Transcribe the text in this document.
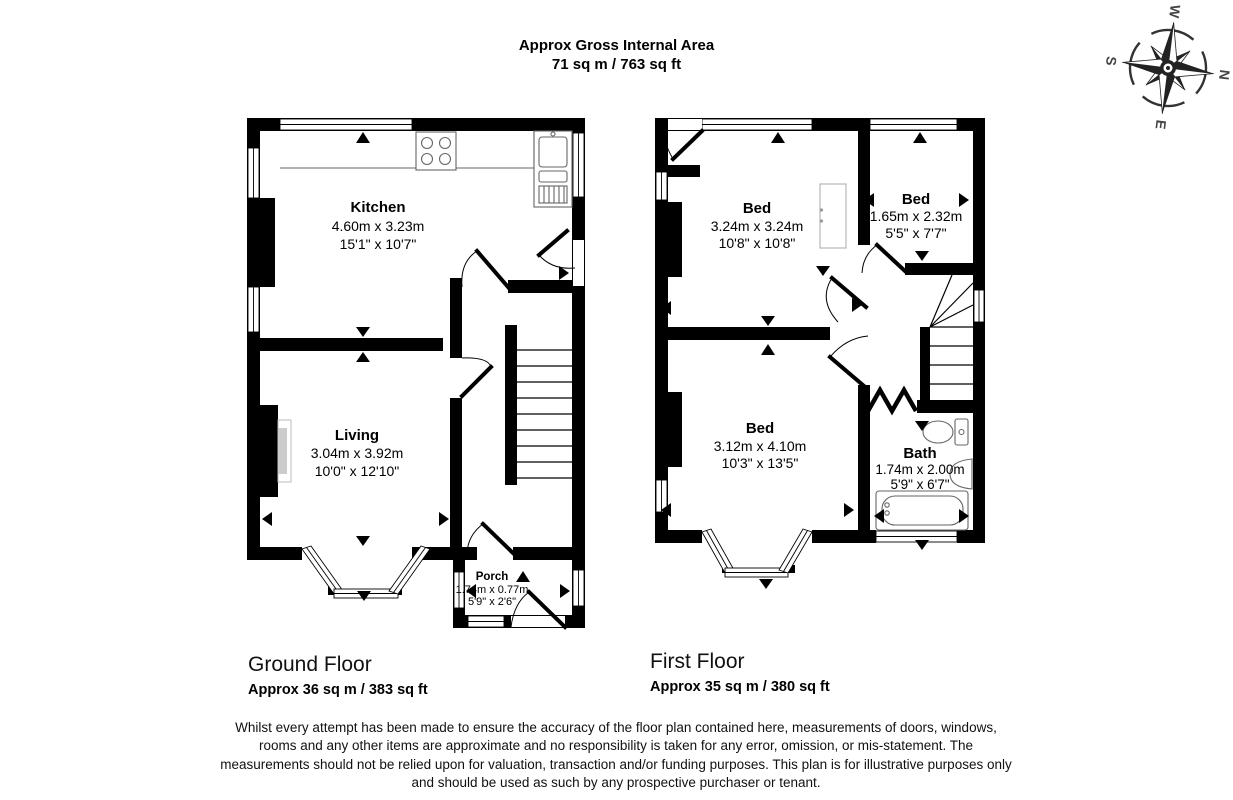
Approx Gross Internal Area
71 sq m / 763 sq ft
N
E
S
W
Kitchen
4.60m x 3.23m
15'1" x 10'7"
Living
3.04m x 3.92m
10'0" x 12'10"
Porch
1.74m x 0.77m
5'9" x 2'6"
Bed
3.24m x 3.24m
10'8" x 10'8"
Bed
1.65m x 2.32m
5'5" x 7'7"
Bed
3.12m x 4.10m
10'3" x 13'5"
Bath
1.74m x 2.00m
5'9" x 6'7"
Ground Floor
Approx 36 sq m / 383 sq ft
First Floor
Approx 35 sq m / 380 sq ft
Whilst every attempt has been made to ensure the accuracy of the floor plan contained here, measurements of doors, windows, rooms and any other items are approximate and no responsibility is taken for any error, omission, or mis-statement. The measurements should not be relied upon for valuation, transaction and/or funding purposes. This plan is for illustrative purposes only and should be used as such by any prospective purchaser or tenant.
